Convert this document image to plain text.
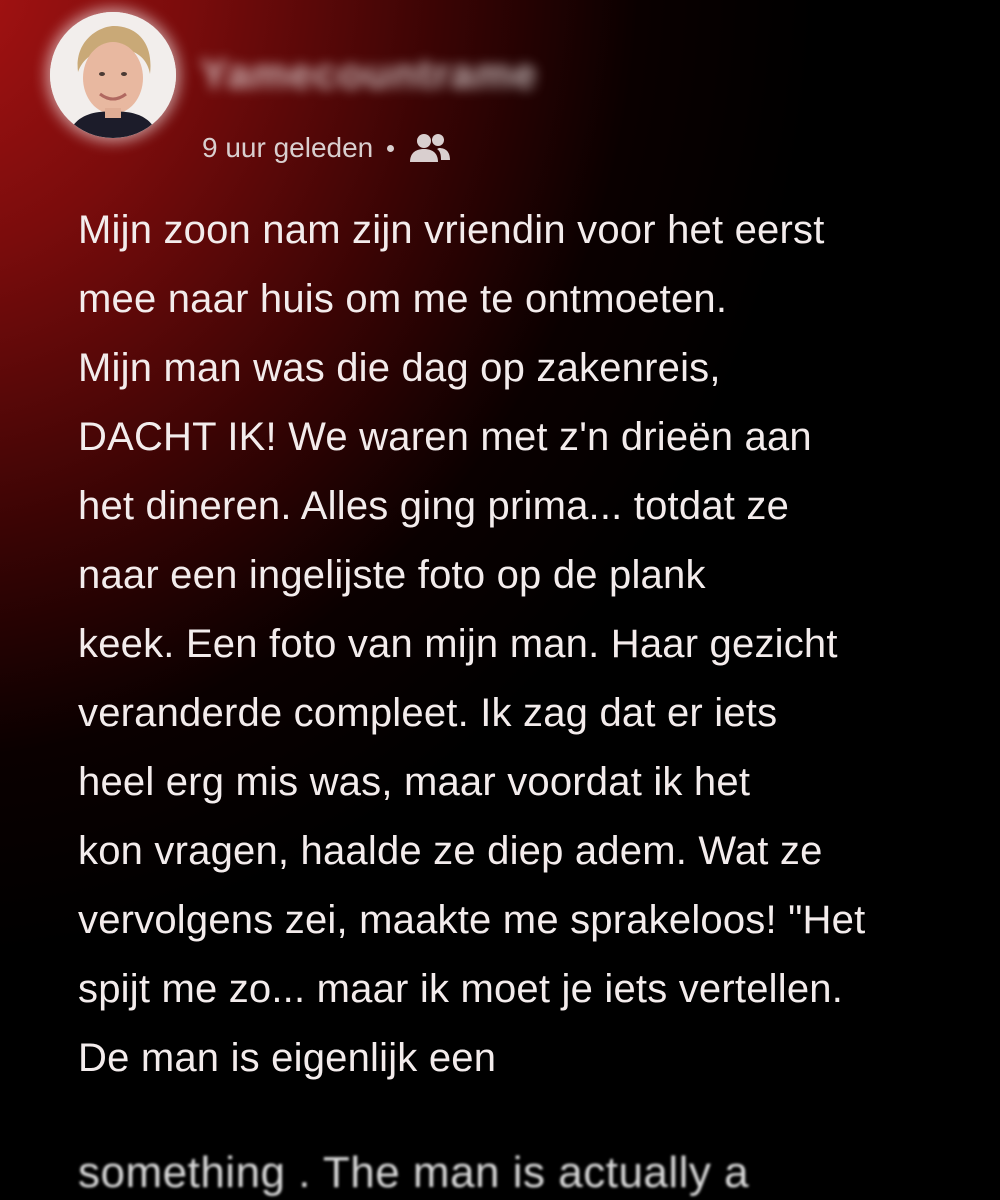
Yamecountrame
9 uur geleden
Mijn zoon nam zijn vriendin voor het eerst
mee naar huis om me te ontmoeten.
Mijn man was die dag op zakenreis,
DACHT IK! We waren met z'n drieën aan
het dineren. Alles ging prima... totdat ze
naar een ingelijste foto op de plank
keek. Een foto van mijn man. Haar gezicht
veranderde compleet. Ik zag dat er iets
heel erg mis was, maar voordat ik het
kon vragen, haalde ze diep adem. Wat ze
vervolgens zei, maakte me sprakeloos! "Het
spijt me zo... maar ik moet je iets vertellen.
De man is eigenlijk een
something . The man is actually a
